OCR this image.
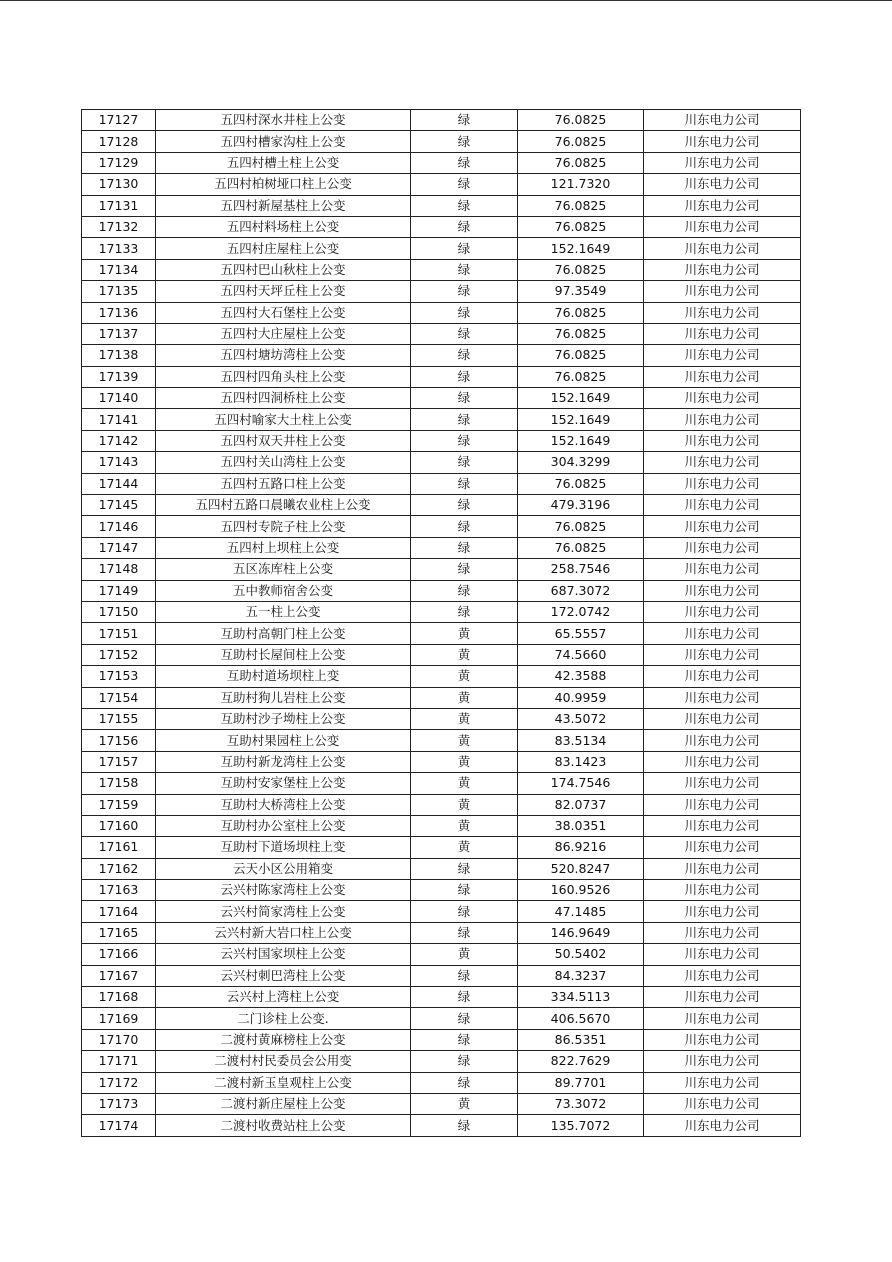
17127	五四村深水井柱上公变	绿	76.0825	川东电力公司
17128	五四村槽家沟柱上公变	绿	76.0825	川东电力公司
17129	五四村槽土柱上公变	绿	76.0825	川东电力公司
17130	五四村柏树垭口柱上公变	绿	121.7320	川东电力公司
17131	五四村新屋基柱上公变	绿	76.0825	川东电力公司
17132	五四村料场柱上公变	绿	76.0825	川东电力公司
17133	五四村庄屋柱上公变	绿	152.1649	川东电力公司
17134	五四村巴山秋柱上公变	绿	76.0825	川东电力公司
17135	五四村天坪丘柱上公变	绿	97.3549	川东电力公司
17136	五四村大石堡柱上公变	绿	76.0825	川东电力公司
17137	五四村大庄屋柱上公变	绿	76.0825	川东电力公司
17138	五四村塘坊湾柱上公变	绿	76.0825	川东电力公司
17139	五四村四角头柱上公变	绿	76.0825	川东电力公司
17140	五四村四洞桥柱上公变	绿	152.1649	川东电力公司
17141	五四村喻家大土柱上公变	绿	152.1649	川东电力公司
17142	五四村双天井柱上公变	绿	152.1649	川东电力公司
17143	五四村关山湾柱上公变	绿	304.3299	川东电力公司
17144	五四村五路口柱上公变	绿	76.0825	川东电力公司
17145	五四村五路口晨曦农业柱上公变	绿	479.3196	川东电力公司
17146	五四村专院子柱上公变	绿	76.0825	川东电力公司
17147	五四村上坝柱上公变	绿	76.0825	川东电力公司
17148	五区冻库柱上公变	绿	258.7546	川东电力公司
17149	五中教师宿舍公变	绿	687.3072	川东电力公司
17150	五一柱上公变	绿	172.0742	川东电力公司
17151	互助村高朝门柱上公变	黄	65.5557	川东电力公司
17152	互助村长屋间柱上公变	黄	74.5660	川东电力公司
17153	互助村道场坝柱上变	黄	42.3588	川东电力公司
17154	互助村狗儿岩柱上公变	黄	40.9959	川东电力公司
17155	互助村沙子坳柱上公变	黄	43.5072	川东电力公司
17156	互助村果园柱上公变	黄	83.5134	川东电力公司
17157	互助村新龙湾柱上公变	黄	83.1423	川东电力公司
17158	互助村安家堡柱上公变	黄	174.7546	川东电力公司
17159	互助村大桥湾柱上公变	黄	82.0737	川东电力公司
17160	互助村办公室柱上公变	黄	38.0351	川东电力公司
17161	互助村下道场坝柱上变	黄	86.9216	川东电力公司
17162	云天小区公用箱变	绿	520.8247	川东电力公司
17163	云兴村陈家湾柱上公变	绿	160.9526	川东电力公司
17164	云兴村简家湾柱上公变	绿	47.1485	川东电力公司
17165	云兴村新大岩口柱上公变	绿	146.9649	川东电力公司
17166	云兴村国家坝柱上公变	黄	50.5402	川东电力公司
17167	云兴村刺巴湾柱上公变	绿	84.3237	川东电力公司
17168	云兴村上湾柱上公变	绿	334.5113	川东电力公司
17169	二门诊柱上公变.	绿	406.5670	川东电力公司
17170	二渡村黄麻榜柱上公变	绿	86.5351	川东电力公司
17171	二渡村村民委员会公用变	绿	822.7629	川东电力公司
17172	二渡村新玉皇观柱上公变	绿	89.7701	川东电力公司
17173	二渡村新庄屋柱上公变	黄	73.3072	川东电力公司
17174	二渡村收费站柱上公变	绿	135.7072	川东电力公司
